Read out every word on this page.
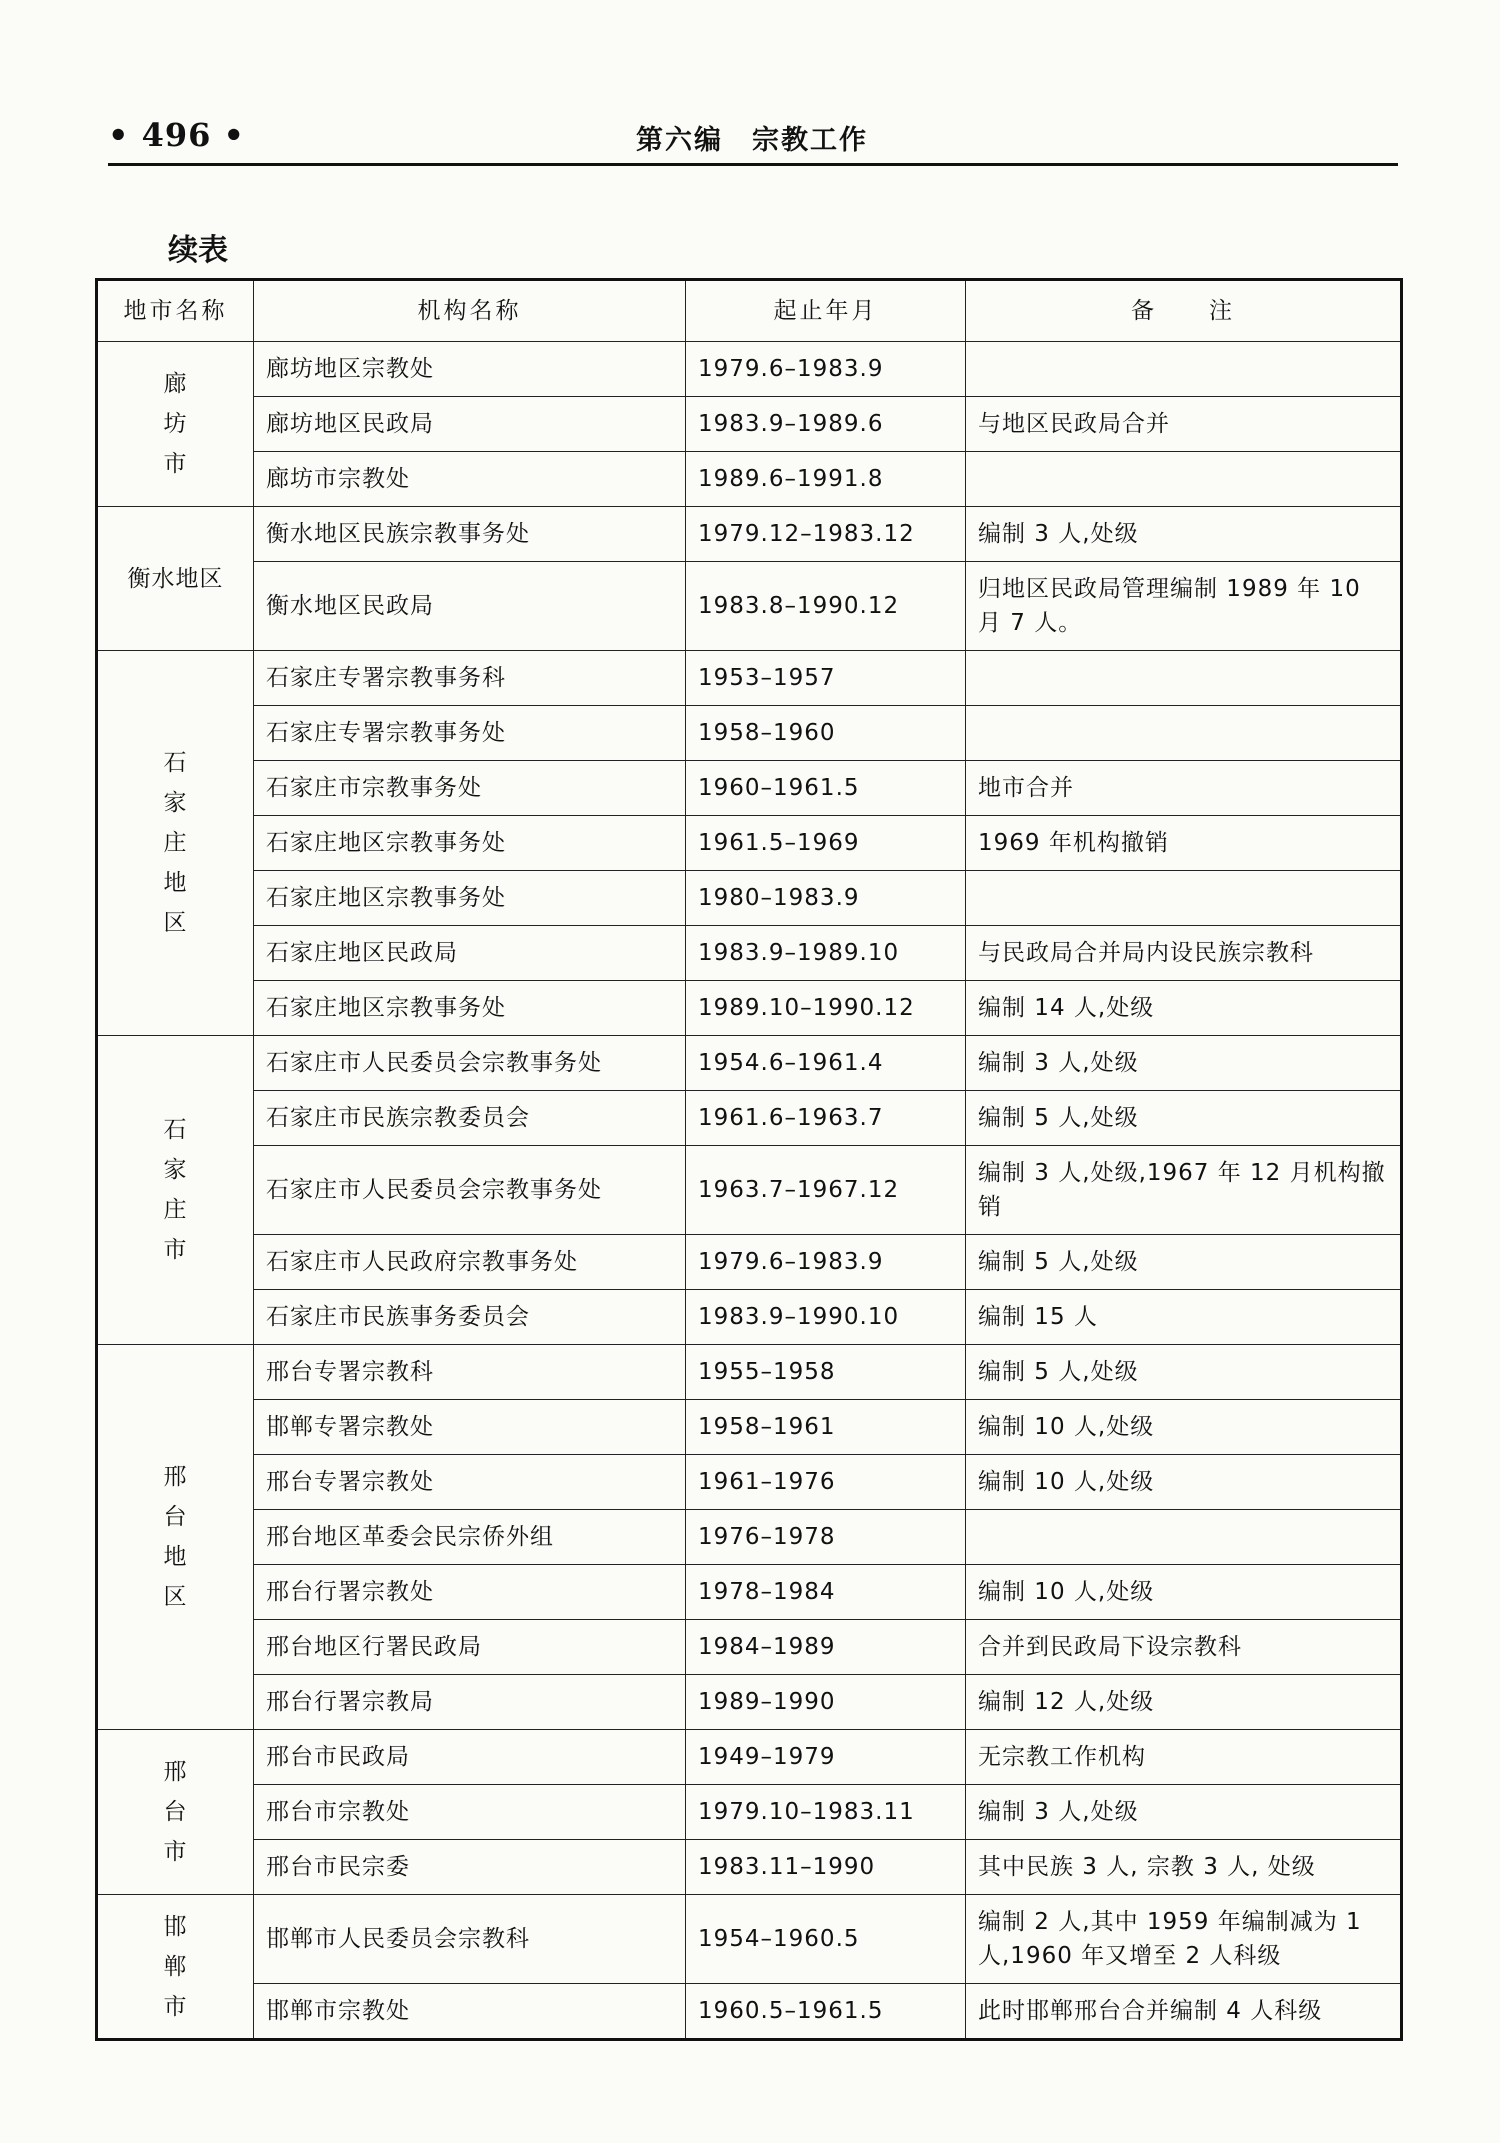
• 496 •	第六编　宗教工作
续表
地市名称	机构名称	起止年月	备　　注
廊坊市	廊坊地区宗教处	1979.6–1983.9	
	廊坊地区民政局	1983.9–1989.6	与地区民政局合并
	廊坊市宗教处	1989.6–1991.8	
衡水地区	衡水地区民族宗教事务处	1979.12–1983.12	编制 3 人,处级
	衡水地区民政局	1983.8–1990.12	归地区民政局管理编制 1989 年 10 月 7 人。
石家庄地区	石家庄专署宗教事务科	1953–1957	
	石家庄专署宗教事务处	1958–1960	
	石家庄市宗教事务处	1960–1961.5	地市合并
	石家庄地区宗教事务处	1961.5–1969	1969 年机构撤销
	石家庄地区宗教事务处	1980–1983.9	
	石家庄地区民政局	1983.9–1989.10	与民政局合并局内设民族宗教科
	石家庄地区宗教事务处	1989.10–1990.12	编制 14 人,处级
石家庄市	石家庄市人民委员会宗教事务处	1954.6–1961.4	编制 3 人,处级
	石家庄市民族宗教委员会	1961.6–1963.7	编制 5 人,处级
	石家庄市人民委员会宗教事务处	1963.7–1967.12	编制 3 人,处级,1967 年 12 月机构撤销
	石家庄市人民政府宗教事务处	1979.6–1983.9	编制 5 人,处级
	石家庄市民族事务委员会	1983.9–1990.10	编制 15 人
邢台地区	邢台专署宗教科	1955–1958	编制 5 人,处级
	邯郸专署宗教处	1958–1961	编制 10 人,处级
	邢台专署宗教处	1961–1976	编制 10 人,处级
	邢台地区革委会民宗侨外组	1976–1978	
	邢台行署宗教处	1978–1984	编制 10 人,处级
	邢台地区行署民政局	1984–1989	合并到民政局下设宗教科
	邢台行署宗教局	1989–1990	编制 12 人,处级
邢台市	邢台市民政局	1949–1979	无宗教工作机构
	邢台市宗教处	1979.10–1983.11	编制 3 人,处级
	邢台市民宗委	1983.11–1990	其中民族 3 人, 宗教 3 人, 处级
邯郸市	邯郸市人民委员会宗教科	1954–1960.5	编制 2 人,其中 1959 年编制减为 1 人,1960 年又增至 2 人科级
	邯郸市宗教处	1960.5–1961.5	此时邯郸邢台合并编制 4 人科级
